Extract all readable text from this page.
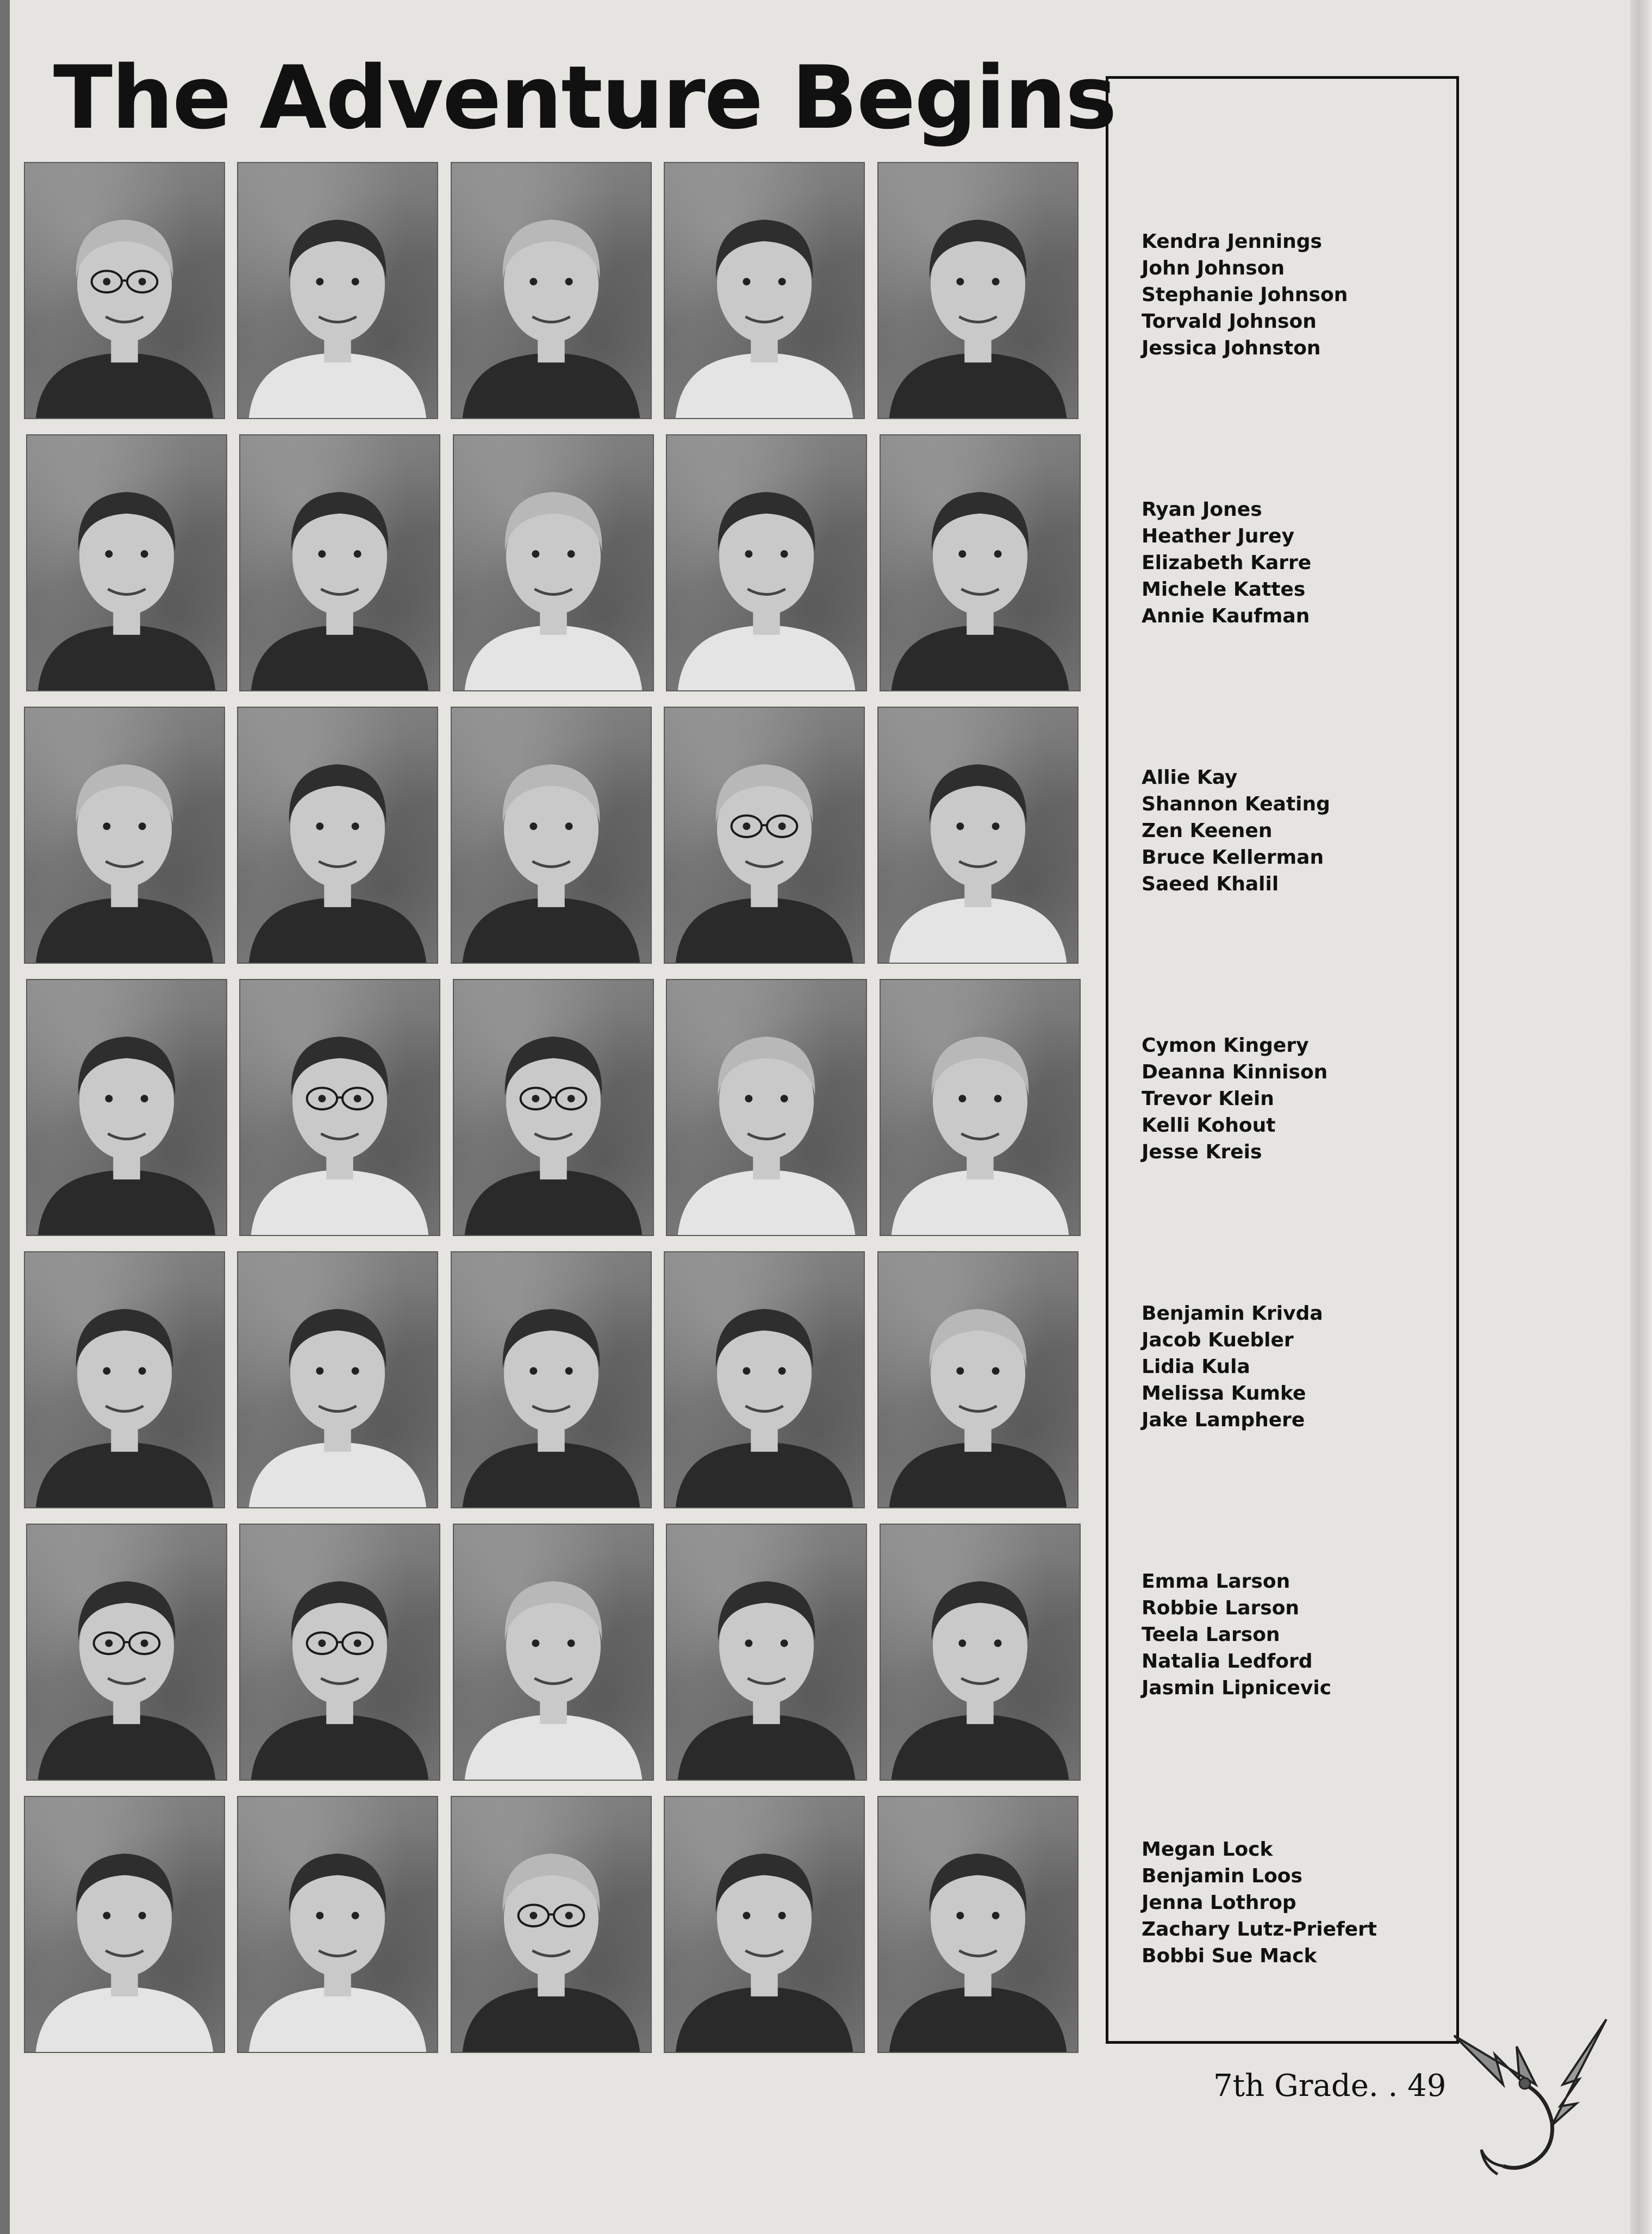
The Adventure Begins
Kendra Jennings
John Johnson
Stephanie Johnson
Torvald Johnson
Jessica Johnston
Ryan Jones
Heather Jurey
Elizabeth Karre
Michele Kattes
Annie Kaufman
Allie Kay
Shannon Keating
Zen Keenen
Bruce Kellerman
Saeed Khalil
Cymon Kingery
Deanna Kinnison
Trevor Klein
Kelli Kohout
Jesse Kreis
Benjamin Krivda
Jacob Kuebler
Lidia Kula
Melissa Kumke
Jake Lamphere
Emma Larson
Robbie Larson
Teela Larson
Natalia Ledford
Jasmin Lipnicevic
Megan Lock
Benjamin Loos
Jenna Lothrop
Zachary Lutz-Priefert
Bobbi Sue Mack
7th Grade. . 49
